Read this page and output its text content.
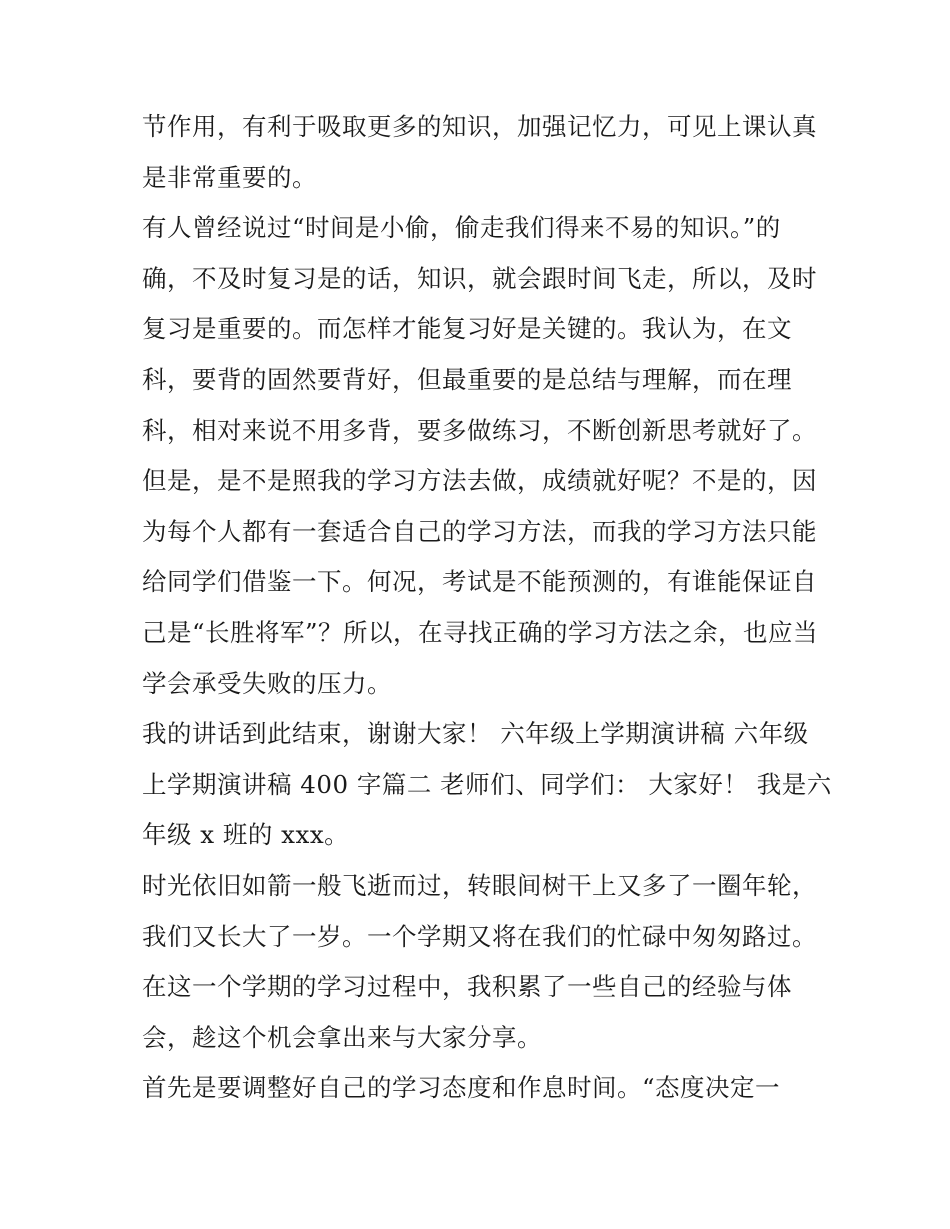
节作用，有利于吸取更多的知识，加强记忆力，可见上课认真
是非常重要的。
有人曾经说过“时间是小偷，偷走我们得来不易的知识。”的
确，不及时复习是的话，知识，就会跟时间飞走，所以，及时
复习是重要的。而怎样才能复习好是关键的。我认为，在文
科，要背的固然要背好，但最重要的是总结与理解，而在理
科，相对来说不用多背，要多做练习，不断创新思考就好了。
但是，是不是照我的学习方法去做，成绩就好呢？不是的，因
为每个人都有一套适合自己的学习方法，而我的学习方法只能
给同学们借鉴一下。何况，考试是不能预测的，有谁能保证自
己是“长胜将军”？所以，在寻找正确的学习方法之余，也应当
学会承受失败的压力。
我的讲话到此结束，谢谢大家！ 六年级上学期演讲稿 六年级
上学期演讲稿 400 字篇二 老师们、同学们： 大家好！ 我是六
年级 x 班的 xxx。
时光依旧如箭一般飞逝而过，转眼间树干上又多了一圈年轮，
我们又长大了一岁。一个学期又将在我们的忙碌中匆匆路过。
在这一个学期的学习过程中，我积累了一些自己的经验与体
会，趁这个机会拿出来与大家分享。
首先是要调整好自己的学习态度和作息时间。“态度决定一
